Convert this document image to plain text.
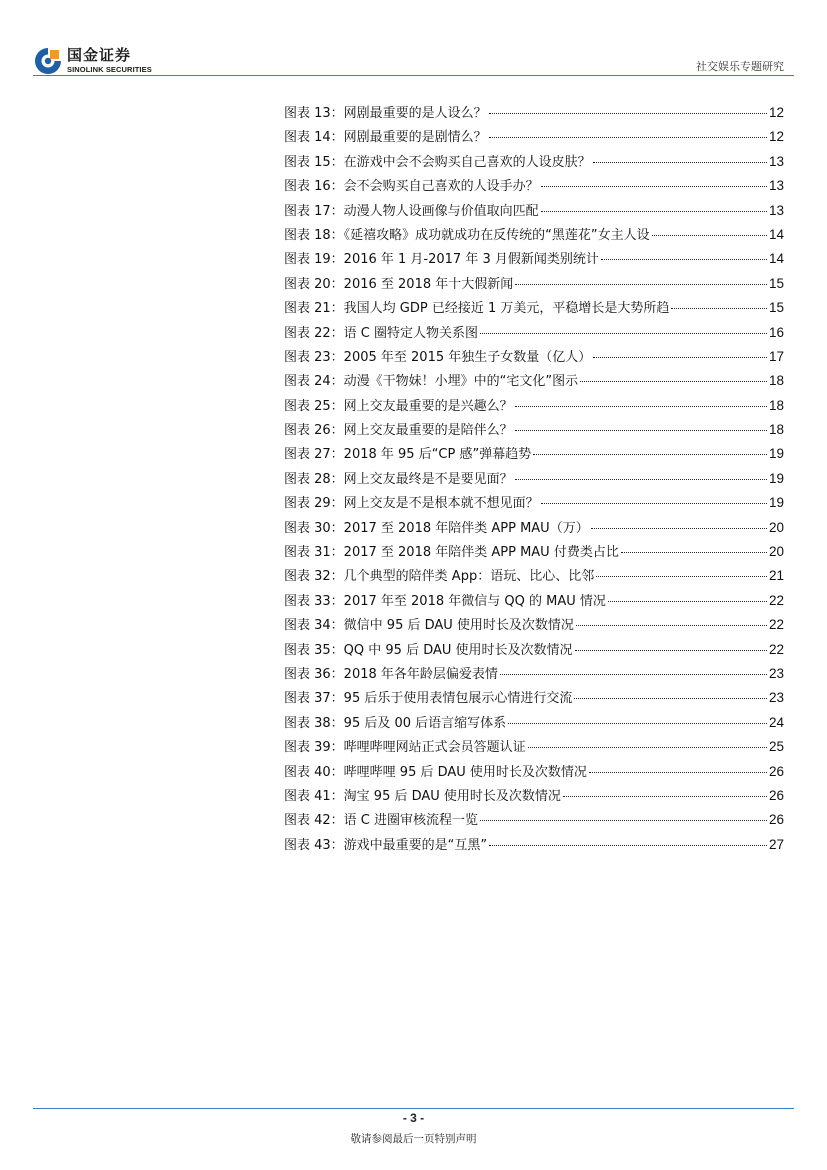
国金证券
SINOLINK SECURITIES	社交娱乐专题研究
图表 13：网剧最重要的是人设么？	12
图表 14：网剧最重要的是剧情么？	12
图表 15：在游戏中会不会购买自己喜欢的人设皮肤？	13
图表 16：会不会购买自己喜欢的人设手办？	13
图表 17：动漫人物人设画像与价值取向匹配	13
图表 18：《延禧攻略》成功就成功在反传统的“黑莲花”女主人设	14
图表 19：2016 年 1 月-2017 年 3 月假新闻类别统计	14
图表 20：2016 至 2018 年十大假新闻	15
图表 21：我国人均 GDP 已经接近 1 万美元，平稳增长是大势所趋	15
图表 22：语 C 圈特定人物关系图	16
图表 23：2005 年至 2015 年独生子女数量（亿人）	17
图表 24：动漫《干物妹！小埋》中的“宅文化”图示	18
图表 25：网上交友最重要的是兴趣么？	18
图表 26：网上交友最重要的是陪伴么？	18
图表 27：2018 年 95 后“CP 感”弹幕趋势	19
图表 28：网上交友最终是不是要见面？	19
图表 29：网上交友是不是根本就不想见面？	19
图表 30：2017 至 2018 年陪伴类 APP MAU（万）	20
图表 31：2017 至 2018 年陪伴类 APP MAU 付费类占比	20
图表 32：几个典型的陪伴类 App：语玩、比心、比邻	21
图表 33：2017 年至 2018 年微信与 QQ 的 MAU 情况	22
图表 34：微信中 95 后 DAU 使用时长及次数情况	22
图表 35：QQ 中 95 后 DAU 使用时长及次数情况	22
图表 36：2018 年各年龄层偏爱表情	23
图表 37：95 后乐于使用表情包展示心情进行交流	23
图表 38：95 后及 00 后语言缩写体系	24
图表 39：哔哩哔哩网站正式会员答题认证	25
图表 40：哔哩哔哩 95 后 DAU 使用时长及次数情况	26
图表 41：淘宝 95 后 DAU 使用时长及次数情况	26
图表 42：语 C 进圈审核流程一览	26
图表 43：游戏中最重要的是“互黑”	27
- 3 -
敬请参阅最后一页特别声明
